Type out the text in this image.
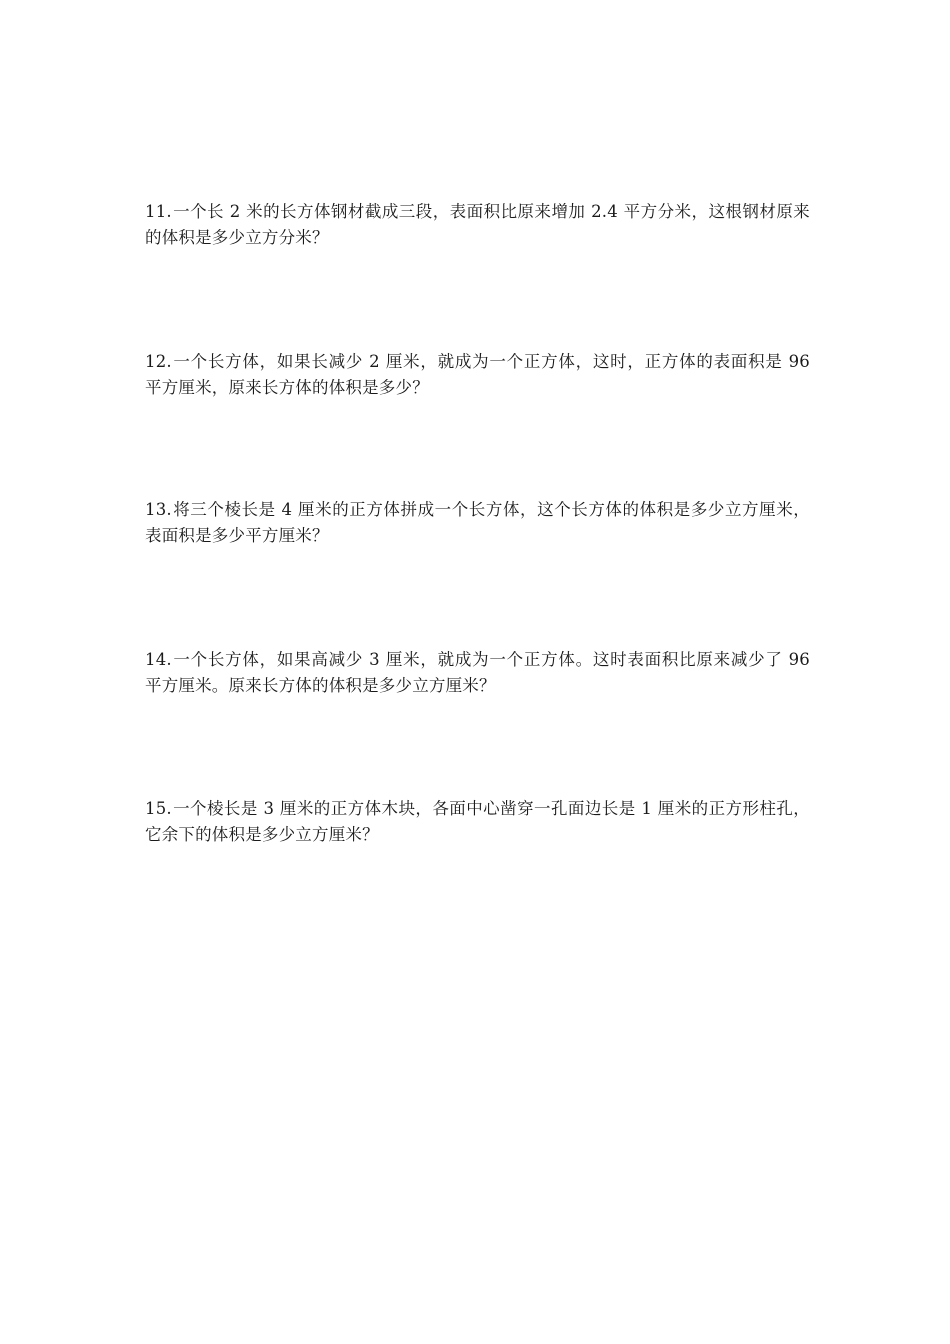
11.一个长 2 米的长方体钢材截成三段，表面积比原来增加 2.4 平方分米，这根钢材原来的体积是多少立方分米？

12.一个长方体，如果长减少 2 厘米，就成为一个正方体，这时，正方体的表面积是 96 平方厘米，原来长方体的体积是多少？

13.将三个棱长是 4 厘米的正方体拼成一个长方体，这个长方体的体积是多少立方厘米，表面积是多少平方厘米？

14.一个长方体，如果高减少 3 厘米，就成为一个正方体。这时表面积比原来减少了 96 平方厘米。原来长方体的体积是多少立方厘米？

15.一个棱长是 3 厘米的正方体木块，各面中心凿穿一孔面边长是 1 厘米的正方形柱孔，它余下的体积是多少立方厘米？
